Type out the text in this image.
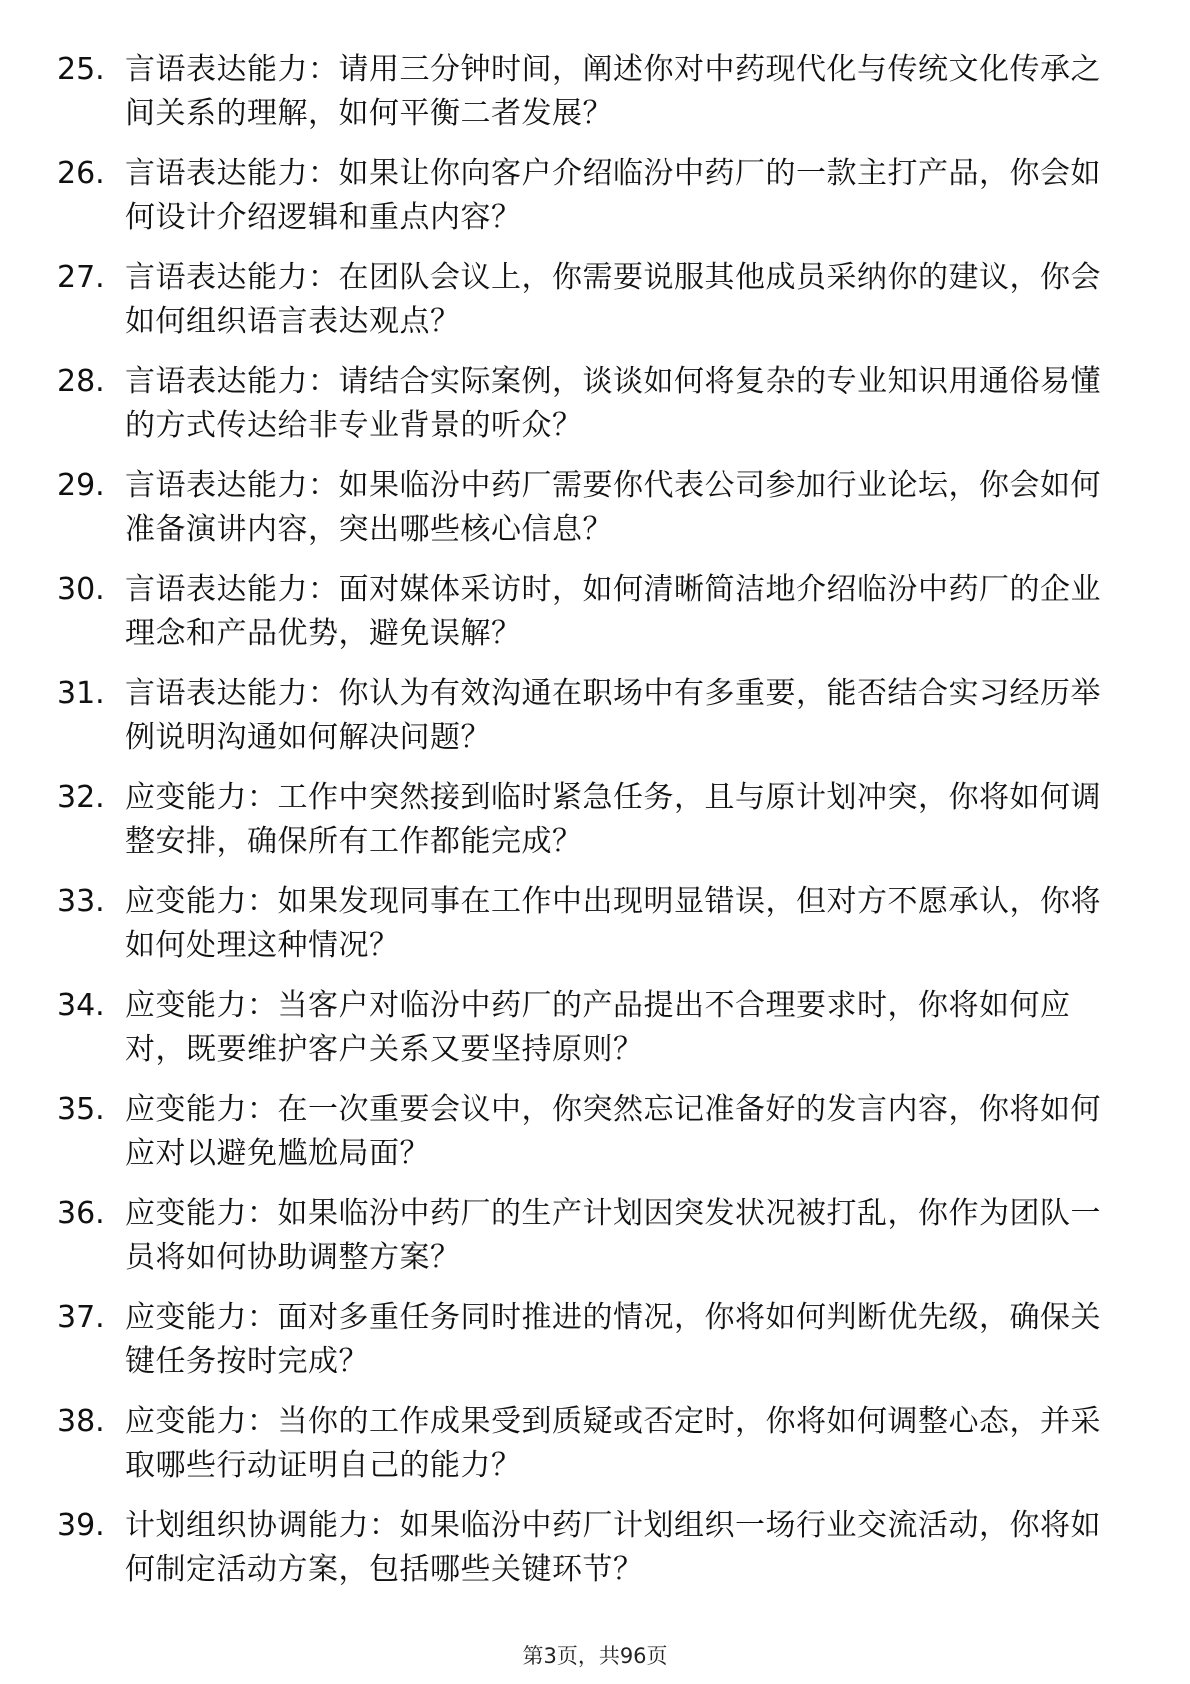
25. 言语表达能力：请用三分钟时间，阐述你对中药现代化与传统文化传承之间关系的理解，如何平衡二者发展？
26. 言语表达能力：如果让你向客户介绍临汾中药厂的一款主打产品，你会如何设计介绍逻辑和重点内容？
27. 言语表达能力：在团队会议上，你需要说服其他成员采纳你的建议，你会如何组织语言表达观点？
28. 言语表达能力：请结合实际案例，谈谈如何将复杂的专业知识用通俗易懂的方式传达给非专业背景的听众？
29. 言语表达能力：如果临汾中药厂需要你代表公司参加行业论坛，你会如何准备演讲内容，突出哪些核心信息？
30. 言语表达能力：面对媒体采访时，如何清晰简洁地介绍临汾中药厂的企业理念和产品优势，避免误解？
31. 言语表达能力：你认为有效沟通在职场中有多重要，能否结合实习经历举例说明沟通如何解决问题？
32. 应变能力：工作中突然接到临时紧急任务，且与原计划冲突，你将如何调整安排，确保所有工作都能完成？
33. 应变能力：如果发现同事在工作中出现明显错误，但对方不愿承认，你将如何处理这种情况？
34. 应变能力：当客户对临汾中药厂的产品提出不合理要求时，你将如何应对，既要维护客户关系又要坚持原则？
35. 应变能力：在一次重要会议中，你突然忘记准备好的发言内容，你将如何应对以避免尴尬局面？
36. 应变能力：如果临汾中药厂的生产计划因突发状况被打乱，你作为团队一员将如何协助调整方案？
37. 应变能力：面对多重任务同时推进的情况，你将如何判断优先级，确保关键任务按时完成？
38. 应变能力：当你的工作成果受到质疑或否定时，你将如何调整心态，并采取哪些行动证明自己的能力？
39. 计划组织协调能力：如果临汾中药厂计划组织一场行业交流活动，你将如何制定活动方案，包括哪些关键环节？
第3页，共96页
